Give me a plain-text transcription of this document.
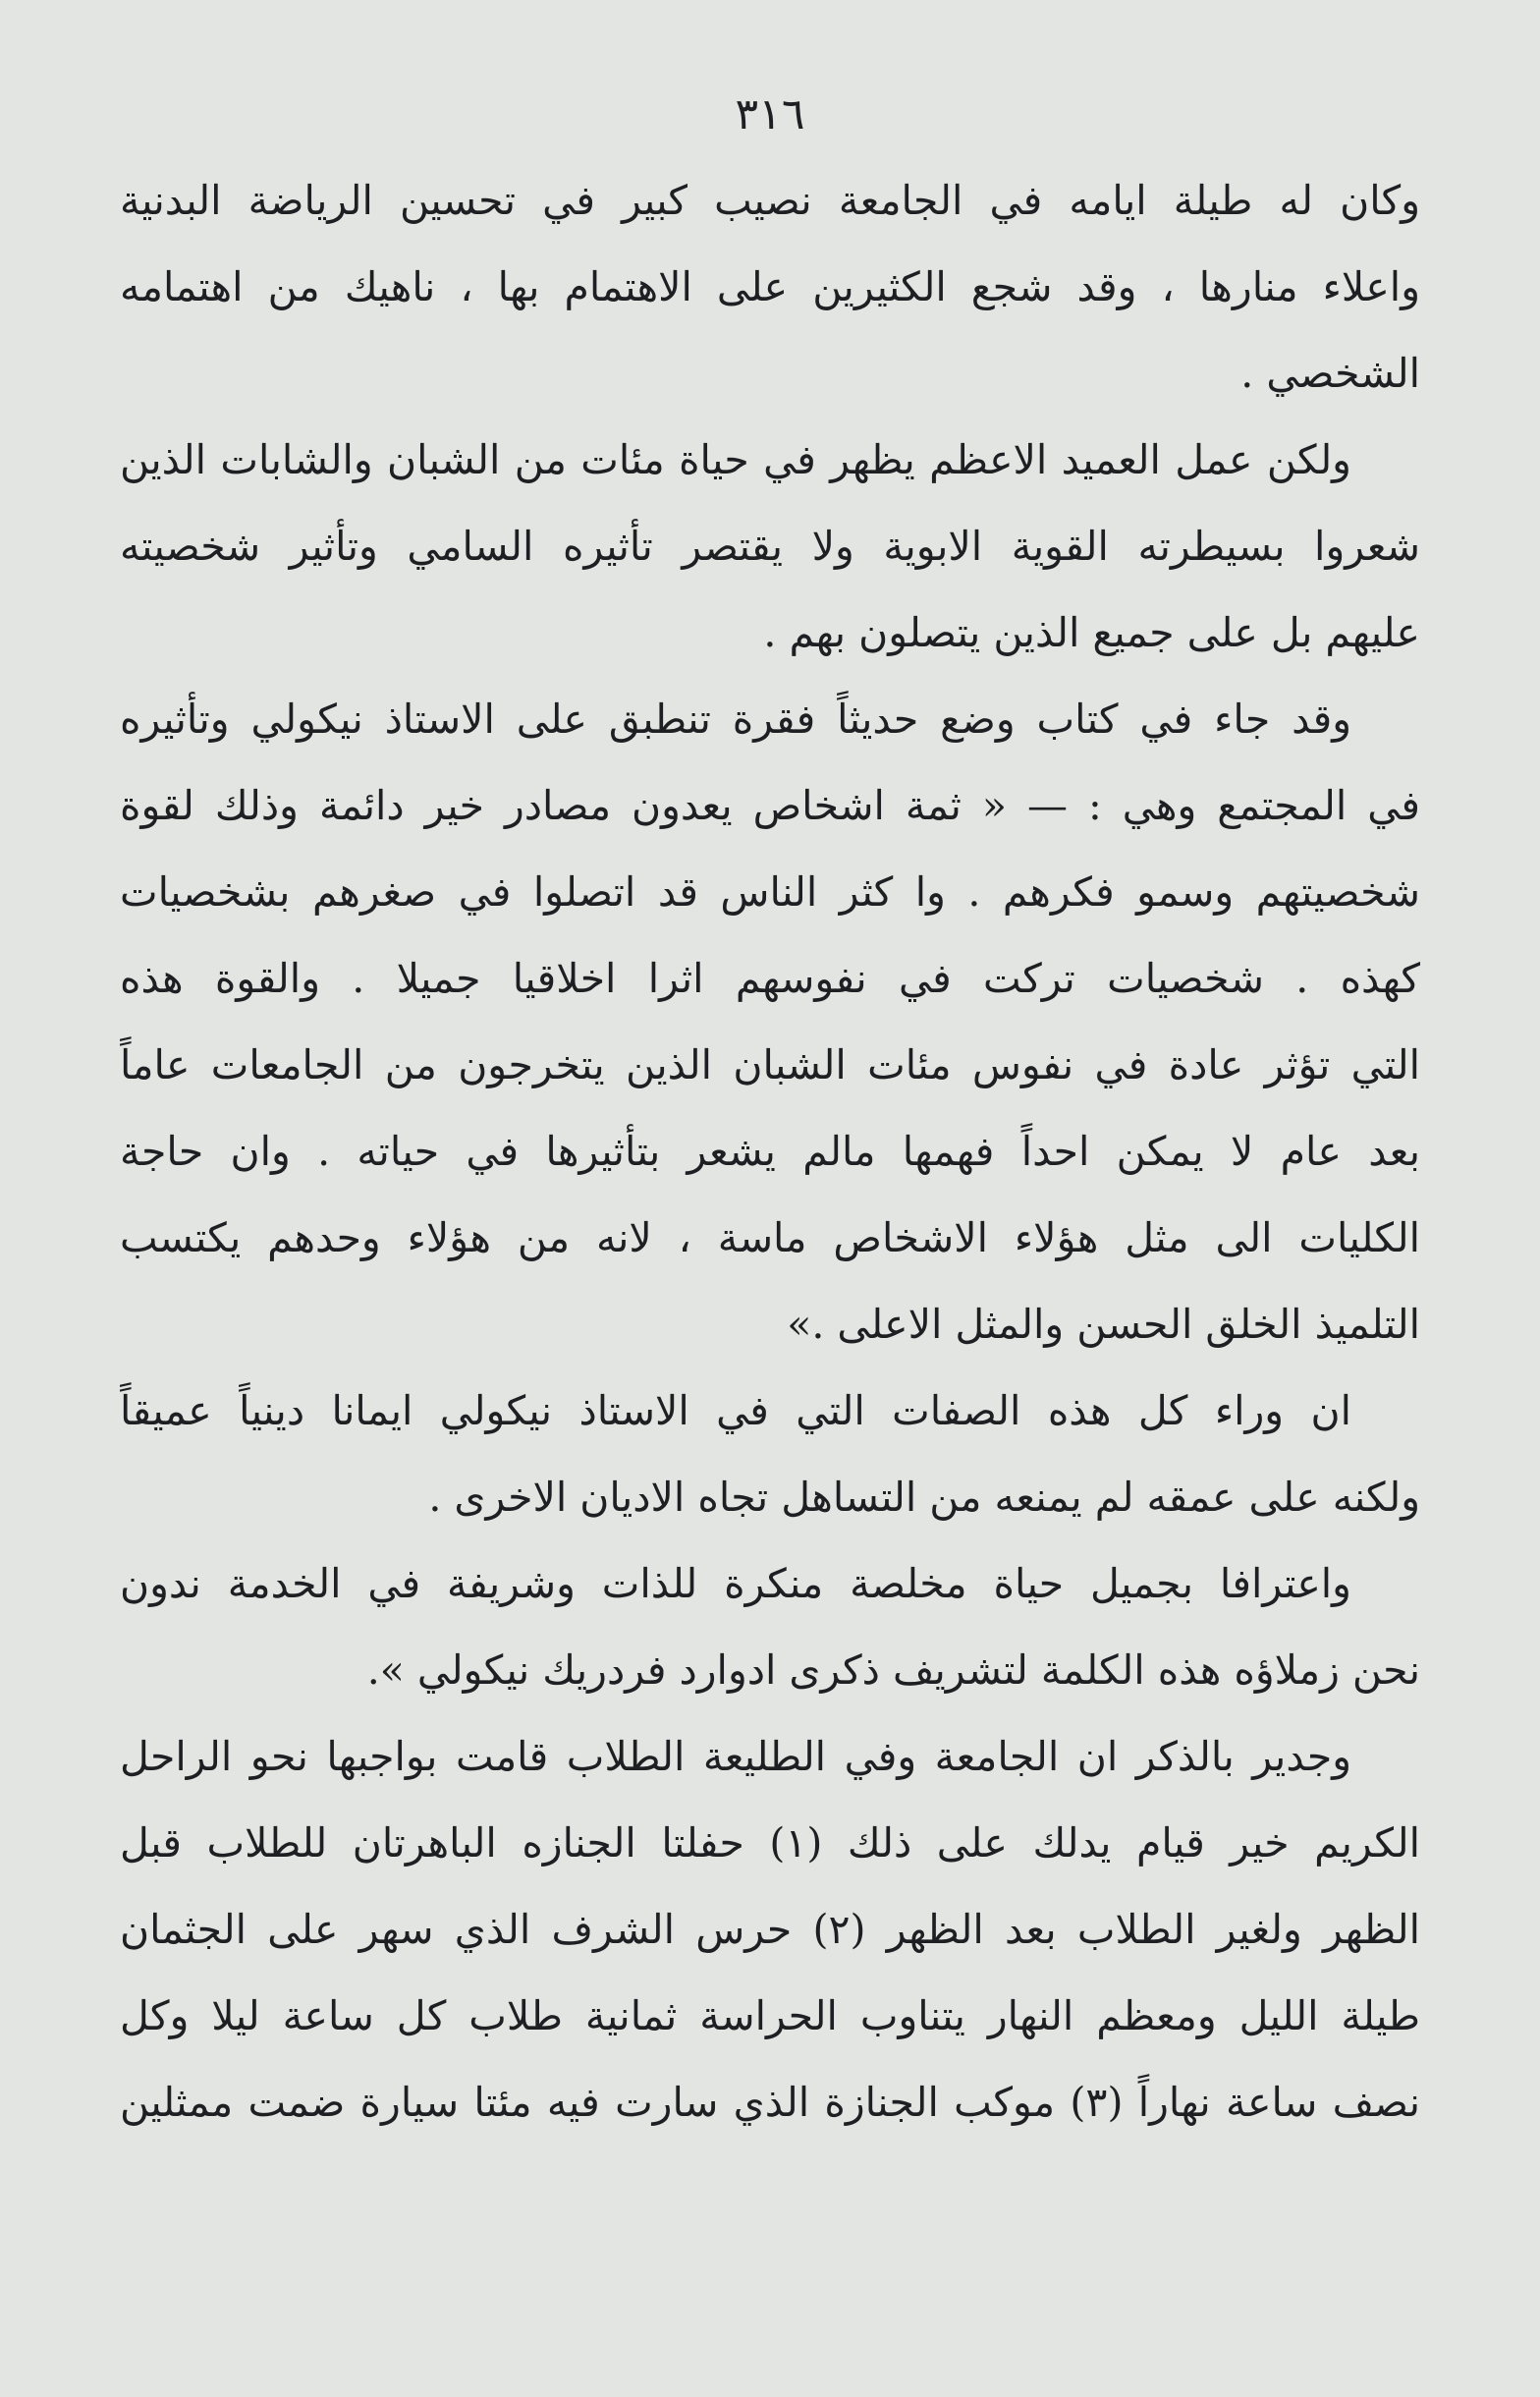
٣١٦
وكان له طيلة ايامه في الجامعة نصيب كبير في تحسين الرياضة البدنية
واعلاء منارها ، وقد شجع الكثيرين على الاهتمام بها ، ناهيك من اهتمامه
الشخصي .
ولكن عمل العميد الاعظم يظهر في حياة مئات من الشبان والشابات الذين
شعروا بسيطرته القوية الابوية ولا يقتصر تأثيره السامي وتأثير شخصيته
عليهم بل على جميع الذين يتصلون بهم .
وقد جاء في كتاب وضع حديثاً فقرة تنطبق على الاستاذ نيكولي وتأثيره
في المجتمع وهي : — « ثمة اشخاص يعدون مصادر خير دائمة وذلك لقوة
شخصيتهم وسمو فكرهم . وا كثر الناس قد اتصلوا في صغرهم بشخصيات
كهذه . شخصيات تركت في نفوسهم اثرا اخلاقيا جميلا . والقوة هذه
التي تؤثر عادة في نفوس مئات الشبان الذين يتخرجون من الجامعات عاماً
بعد عام لا يمكن احداً فهمها مالم يشعر بتأثيرها في حياته . وان حاجة
الكليات الى مثل هؤلاء الاشخاص ماسة ، لانه من هؤلاء وحدهم يكتسب
التلميذ الخلق الحسن والمثل الاعلى .»
ان وراء كل هذه الصفات التي في الاستاذ نيكولي ايمانا دينياً عميقاً
ولكنه على عمقه لم يمنعه من التساهل تجاه الاديان الاخرى .
واعترافا بجميل حياة مخلصة منكرة للذات وشريفة في الخدمة ندون
نحن زملاؤه هذه الكلمة لتشريف ذكرى ادوارد فردريك نيكولي ».
وجدير بالذكر ان الجامعة وفي الطليعة الطلاب قامت بواجبها نحو الراحل
الكريم خير قيام يدلك على ذلك (١) حفلتا الجنازه الباهرتان للطلاب قبل
الظهر ولغير الطلاب بعد الظهر (٢) حرس الشرف الذي سهر على الجثمان
طيلة الليل ومعظم النهار يتناوب الحراسة ثمانية طلاب كل ساعة ليلا وكل
نصف ساعة نهاراً (٣) موكب الجنازة الذي سارت فيه مئتا سيارة ضمت ممثلين
